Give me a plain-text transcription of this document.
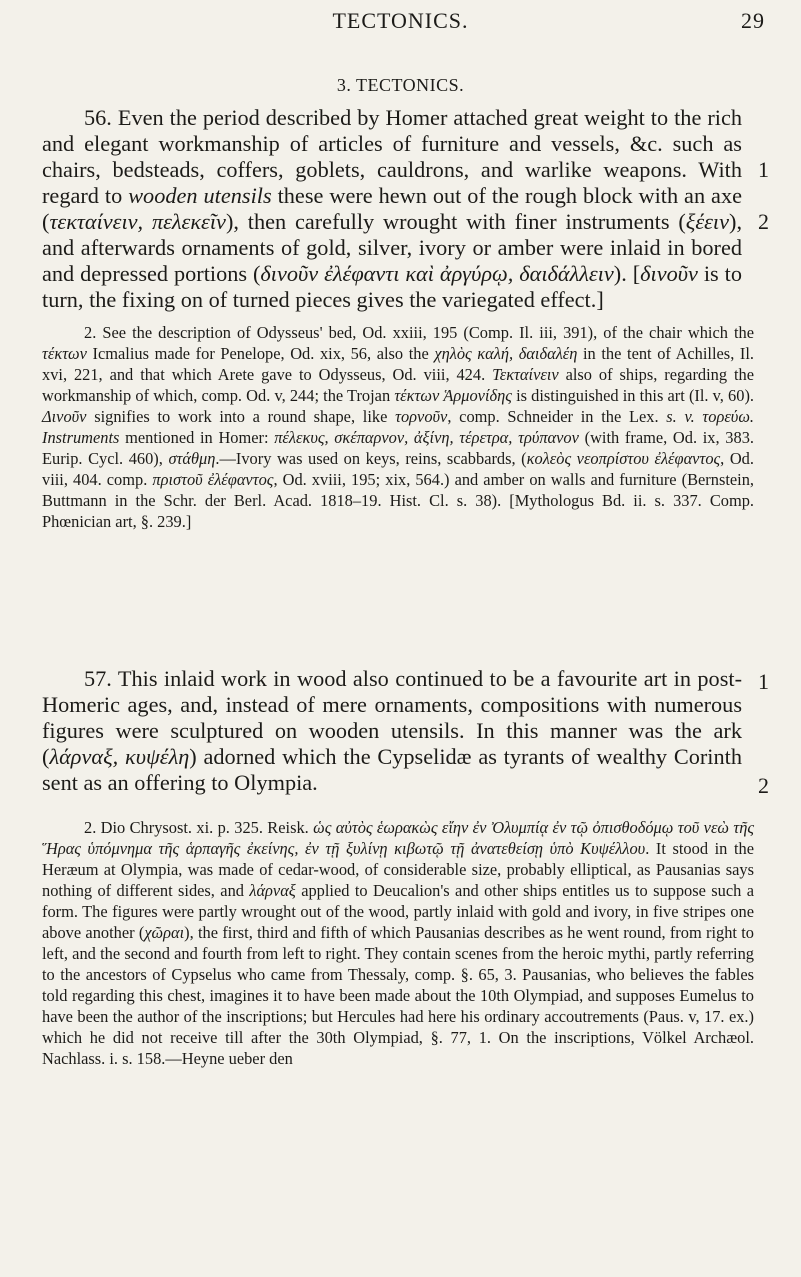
TECTONICS.	29
3. TECTONICS.

56. Even the period described by Homer attached great weight to the rich and elegant workmanship of articles of furniture and vessels, &c. such as chairs, bedsteads, coffers, goblets, cauldrons, and warlike weapons. With regard to wooden utensils these were hewn out of the rough block with an axe (τεκταίνειν, πελεκεῖν), then carefully wrought with finer instruments (ξέειν), and afterwards ornaments of gold, silver, ivory or amber were inlaid in bored and depressed portions (δινοῦν ἐλέφαντι καὶ ἀργύρῳ, δαιδάλλειν). [δινοῦν is to turn, the fixing on of turned pieces gives the variegated effect.]

2. See the description of Odysseus' bed, Od. xxiii, 195 (Comp. Il. iii, 391), of the chair which the τέκτων Icmalius made for Penelope, Od. xix, 56, also the χηλὸς καλή, δαιδαλέη in the tent of Achilles, Il. xvi, 221, and that which Arete gave to Odysseus, Od. viii, 424. Τεκταίνειν also of ships, regarding the workmanship of which, comp. Od. v, 244; the Trojan τέκτων Ἁρμονίδης is distinguished in this art (Il. v, 60). Δινοῦν signifies to work into a round shape, like τορνοῦν, comp. Schneider in the Lex. s. v. τορεύω. Instruments mentioned in Homer: πέλεκυς, σκέπαρνον, ἀξίνη, τέρετρα, τρύπανον (with frame, Od. ix, 383. Eurip. Cycl. 460), στάθμη.—Ivory was used on keys, reins, scabbards, (κολεὸς νεοπρίστου ἐλέφαντος, Od. viii, 404. comp. πριστοῦ ἐλέφαντος, Od. xviii, 195; xix, 564.) and amber on walls and furniture (Bernstein, Buttmann in the Schr. der Berl. Acad. 1818–19. Hist. Cl. s. 38). [Mythologus Bd. ii. s. 337. Comp. Phœnician art, §. 239.]

57. This inlaid work in wood also continued to be a favourite art in post-Homeric ages, and, instead of mere ornaments, compositions with numerous figures were sculptured on wooden utensils. In this manner was the ark (λάρναξ, κυψέλη) adorned which the Cypselidæ as tyrants of wealthy Corinth sent as an offering to Olympia.

2. Dio Chrysost. xi. p. 325. Reisk. ὡς αὐτὸς ἑωρακὼς εἴην ἐν Ὀλυμπίᾳ ἐν τῷ ὀπισθοδόμῳ τοῦ νεὼ τῆς Ἥρας ὑπόμνημα τῆς ἁρπαγῆς ἐκείνης, ἐν τῇ ξυλίνῃ κιβωτῷ τῇ ἀνατεθείσῃ ὑπὸ Κυψέλλου. It stood in the Heræum at Olympia, was made of cedar-wood, of considerable size, probably elliptical, as Pausanias says nothing of different sides, and λάρναξ applied to Deucalion's and other ships entitles us to suppose such a form. The figures were partly wrought out of the wood, partly inlaid with gold and ivory, in five stripes one above another (χῶραι), the first, third and fifth of which Pausanias describes as he went round, from right to left, and the second and fourth from left to right. They contain scenes from the heroic mythi, partly referring to the ancestors of Cypselus who came from Thessaly, comp. §. 65, 3. Pausanias, who believes the fables told regarding this chest, imagines it to have been made about the 10th Olympiad, and supposes Eumelus to have been the author of the inscriptions; but Hercules had here his ordinary accoutrements (Paus. v, 17. ex.) which he did not receive till after the 30th Olympiad, §. 77, 1. On the inscriptions, Völkel Archæol. Nachlass. i. s. 158.—Heyne ueber den

1
2
1
2
